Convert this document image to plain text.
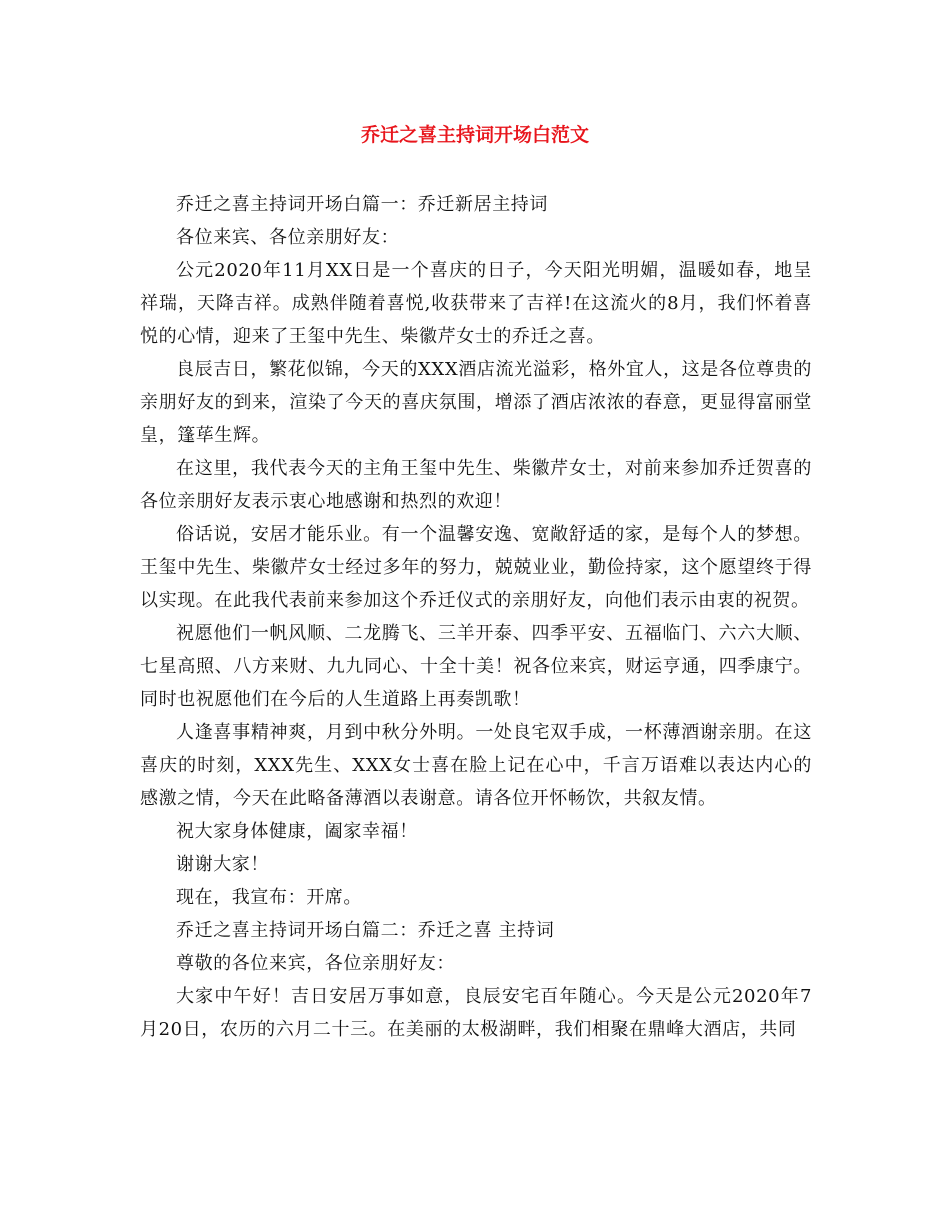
乔迁之喜主持词开场白范文

乔迁之喜主持词开场白篇一：乔迁新居主持词

各位来宾、各位亲朋好友：

公元2020年11月XX日是一个喜庆的日子，今天阳光明媚，温暖如春，地呈祥瑞，天降吉祥。成熟伴随着喜悦,收获带来了吉祥!在这流火的8月，我们怀着喜悦的心情，迎来了王玺中先生、柴徽芹女士的乔迁之喜。

良辰吉日，繁花似锦，今天的XXX酒店流光溢彩，格外宜人，这是各位尊贵的亲朋好友的到来，渲染了今天的喜庆氛围，增添了酒店浓浓的春意，更显得富丽堂皇，篷荜生辉。

在这里，我代表今天的主角王玺中先生、柴徽芹女士，对前来参加乔迁贺喜的各位亲朋好友表示衷心地感谢和热烈的欢迎！

俗话说，安居才能乐业。有一个温馨安逸、宽敞舒适的家，是每个人的梦想。王玺中先生、柴徽芹女士经过多年的努力，兢兢业业，勤俭持家，这个愿望终于得以实现。在此我代表前来参加这个乔迁仪式的亲朋好友，向他们表示由衷的祝贺。

祝愿他们一帆风顺、二龙腾飞、三羊开泰、四季平安、五福临门、六六大顺、七星高照、八方来财、九九同心、十全十美！祝各位来宾，财运亨通，四季康宁。同时也祝愿他们在今后的人生道路上再奏凯歌！

人逢喜事精神爽，月到中秋分外明。一处良宅双手成，一杯薄酒谢亲朋。在这喜庆的时刻，XXX先生、XXX女士喜在脸上记在心中，千言万语难以表达内心的感激之情，今天在此略备薄酒以表谢意。请各位开怀畅饮，共叙友情。

祝大家身体健康，阖家幸福！

谢谢大家！

现在，我宣布：开席。

乔迁之喜主持词开场白篇二：乔迁之喜 主持词

尊敬的各位来宾，各位亲朋好友：

大家中午好！吉日安居万事如意，良辰安宅百年随心。今天是公元2020年7月20日，农历的六月二十三。在美丽的太极湖畔，我们相聚在鼎峰大酒店，共同
